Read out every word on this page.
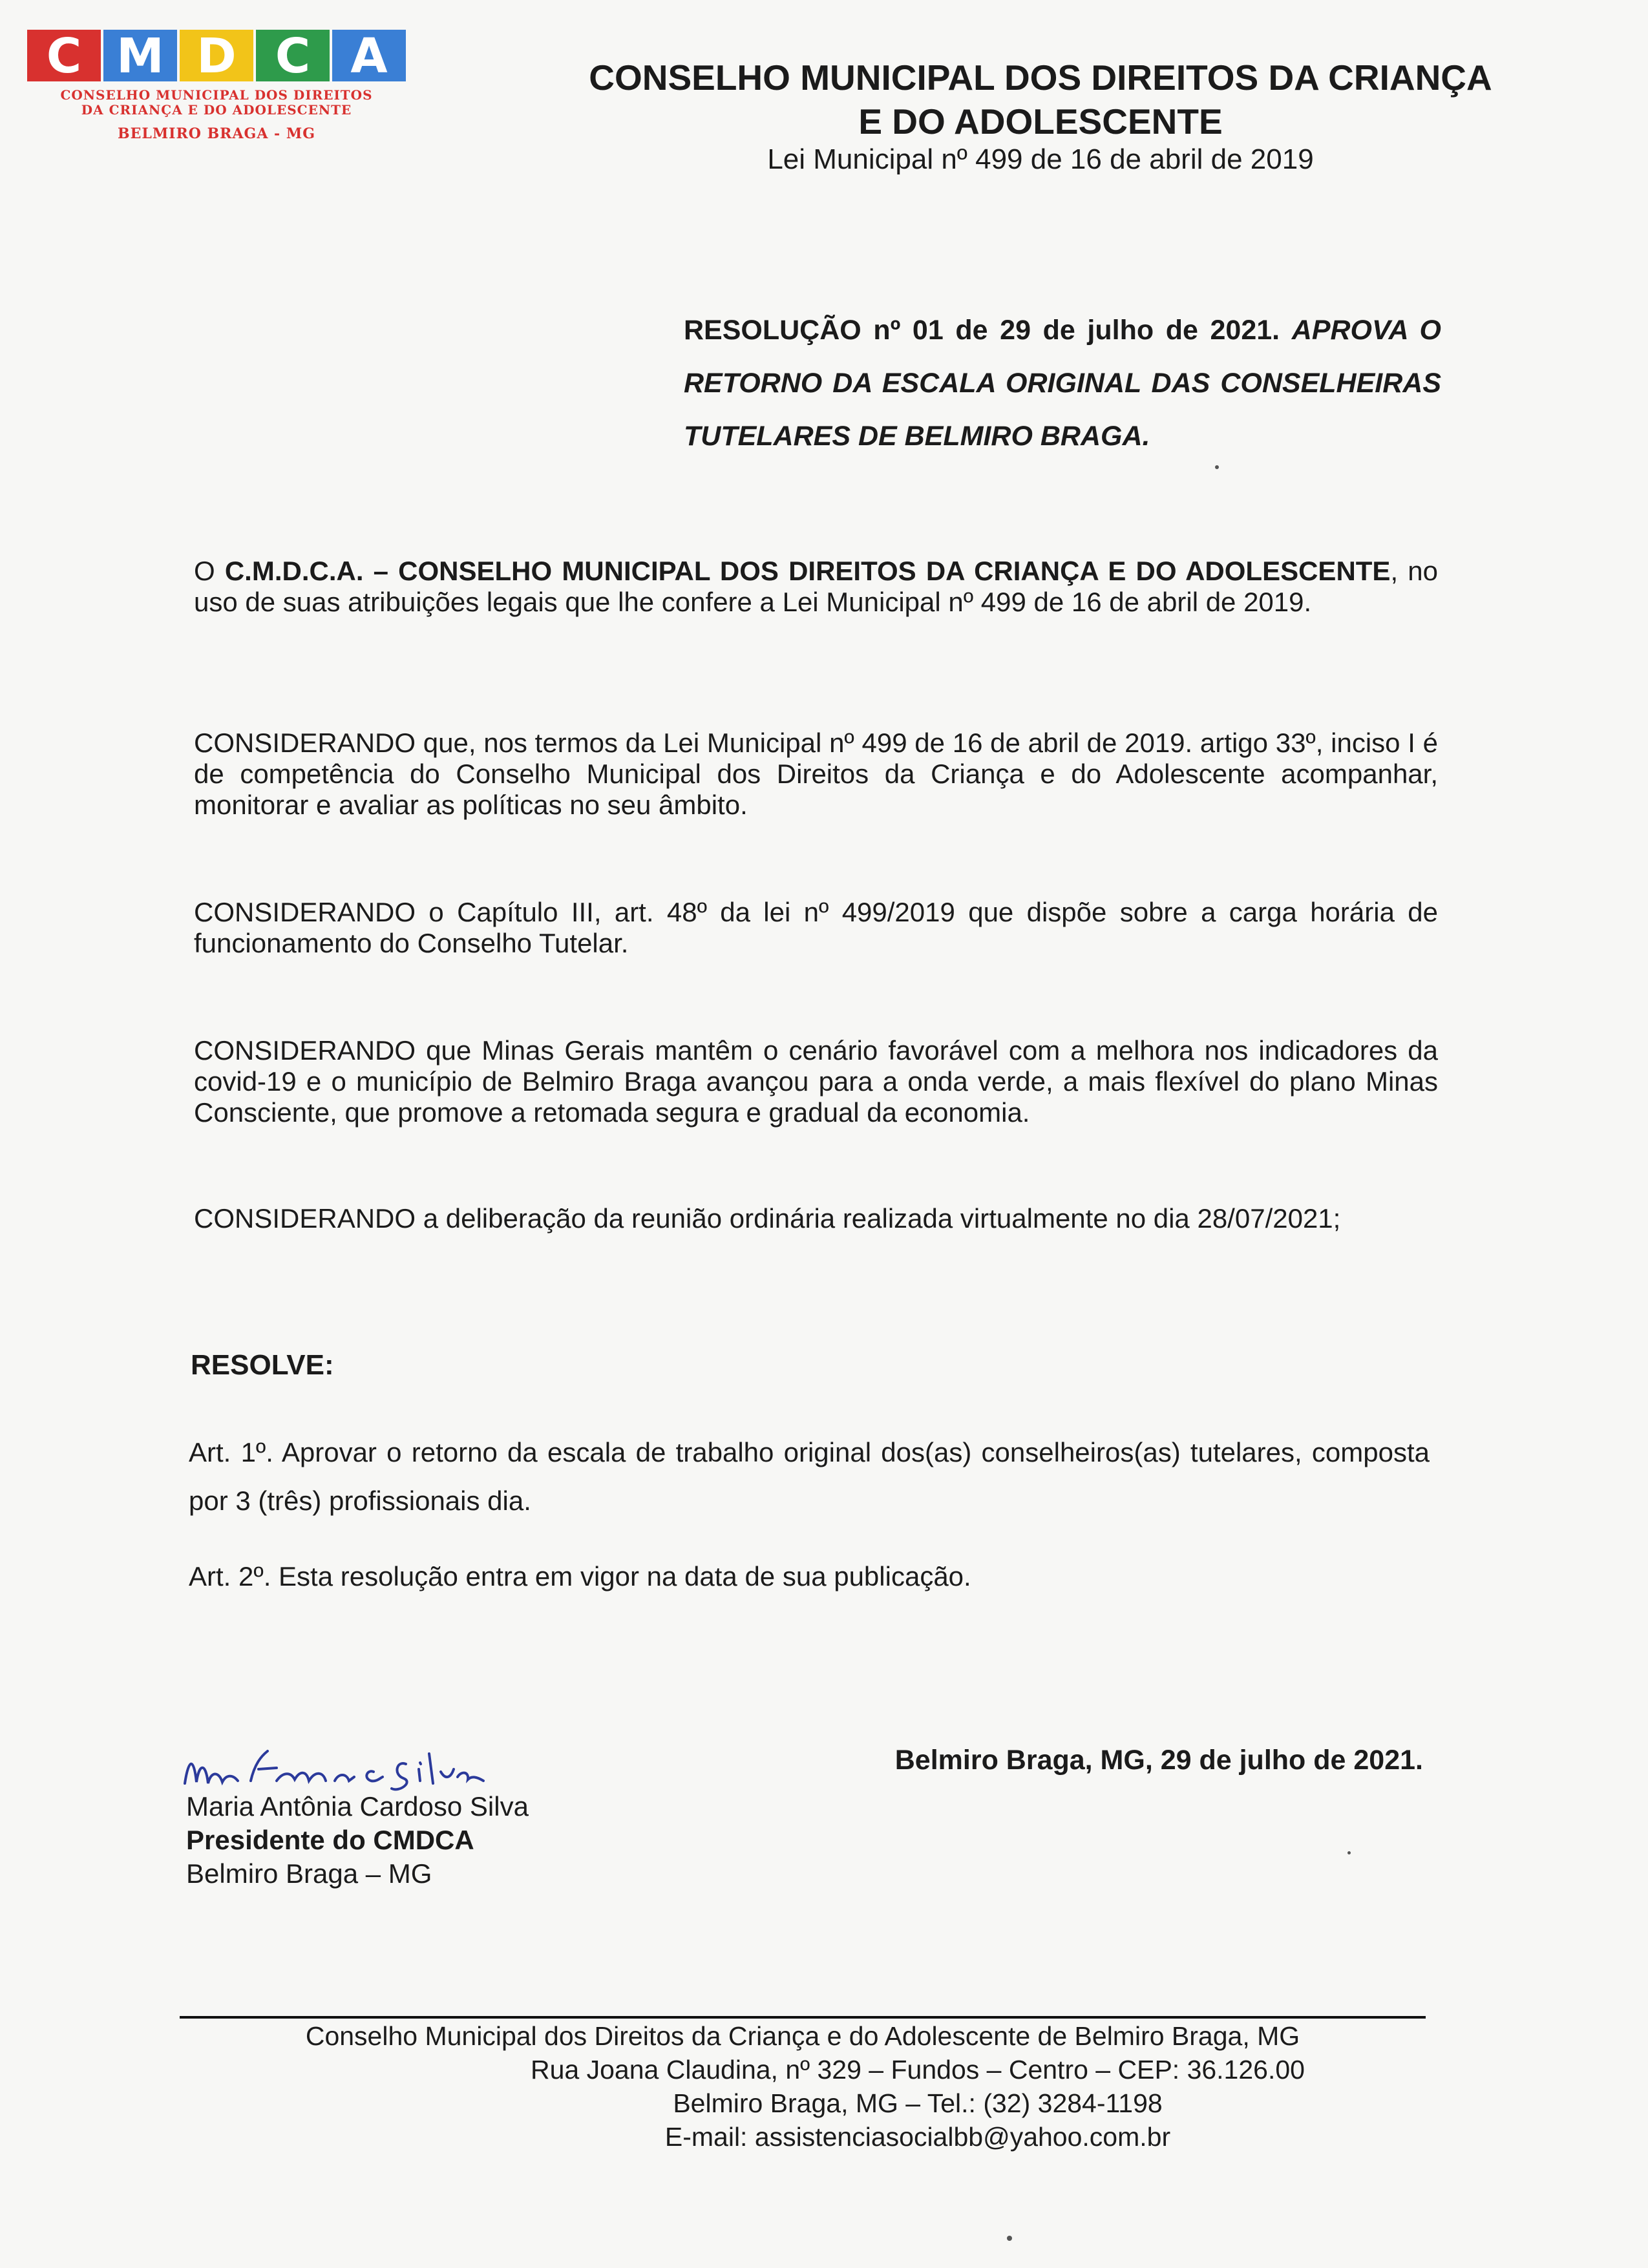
C M D C A
CONSELHO MUNICIPAL DOS DIREITOS
DA CRIANÇA E DO ADOLESCENTE
BELMIRO BRAGA - MG
CONSELHO MUNICIPAL DOS DIREITOS DA CRIANÇA
E DO ADOLESCENTE
Lei Municipal nº 499 de 16 de abril de 2019
RESOLUÇÃO nº 01 de 29 de julho de 2021. APROVA O RETORNO DA ESCALA ORIGINAL DAS CONSELHEIRAS TUTELARES DE BELMIRO BRAGA.
O C.M.D.C.A. – CONSELHO MUNICIPAL DOS DIREITOS DA CRIANÇA E DO ADOLESCENTE, no uso de suas atribuições legais que lhe confere a Lei Municipal nº 499 de 16 de abril de 2019.
CONSIDERANDO que, nos termos da Lei Municipal nº 499 de 16 de abril de 2019. artigo 33º, inciso I é de competência do Conselho Municipal dos Direitos da Criança e do Adolescente acompanhar, monitorar e avaliar as políticas no seu âmbito.
CONSIDERANDO o Capítulo III, art. 48º da lei nº 499/2019 que dispõe sobre a carga horária de funcionamento do Conselho Tutelar.
CONSIDERANDO que Minas Gerais mantêm o cenário favorável com a melhora nos indicadores da covid-19 e o município de Belmiro Braga avançou para a onda verde, a mais flexível do plano Minas Consciente, que promove a retomada segura e gradual da economia.
CONSIDERANDO a deliberação da reunião ordinária realizada virtualmente no dia 28/07/2021;
RESOLVE:
Art. 1º. Aprovar o retorno da escala de trabalho original dos(as) conselheiros(as) tutelares, composta por 3 (três) profissionais dia.
Art. 2º. Esta resolução entra em vigor na data de sua publicação.
Belmiro Braga, MG, 29 de julho de 2021.
Maria Antônia Cardoso Silva
Presidente do CMDCA
Belmiro Braga – MG
Conselho Municipal dos Direitos da Criança e do Adolescente de Belmiro Braga, MG
Rua Joana Claudina, nº 329 – Fundos – Centro – CEP: 36.126.00
Belmiro Braga, MG – Tel.: (32) 3284-1198
E-mail: assistenciasocialbb@yahoo.com.br
